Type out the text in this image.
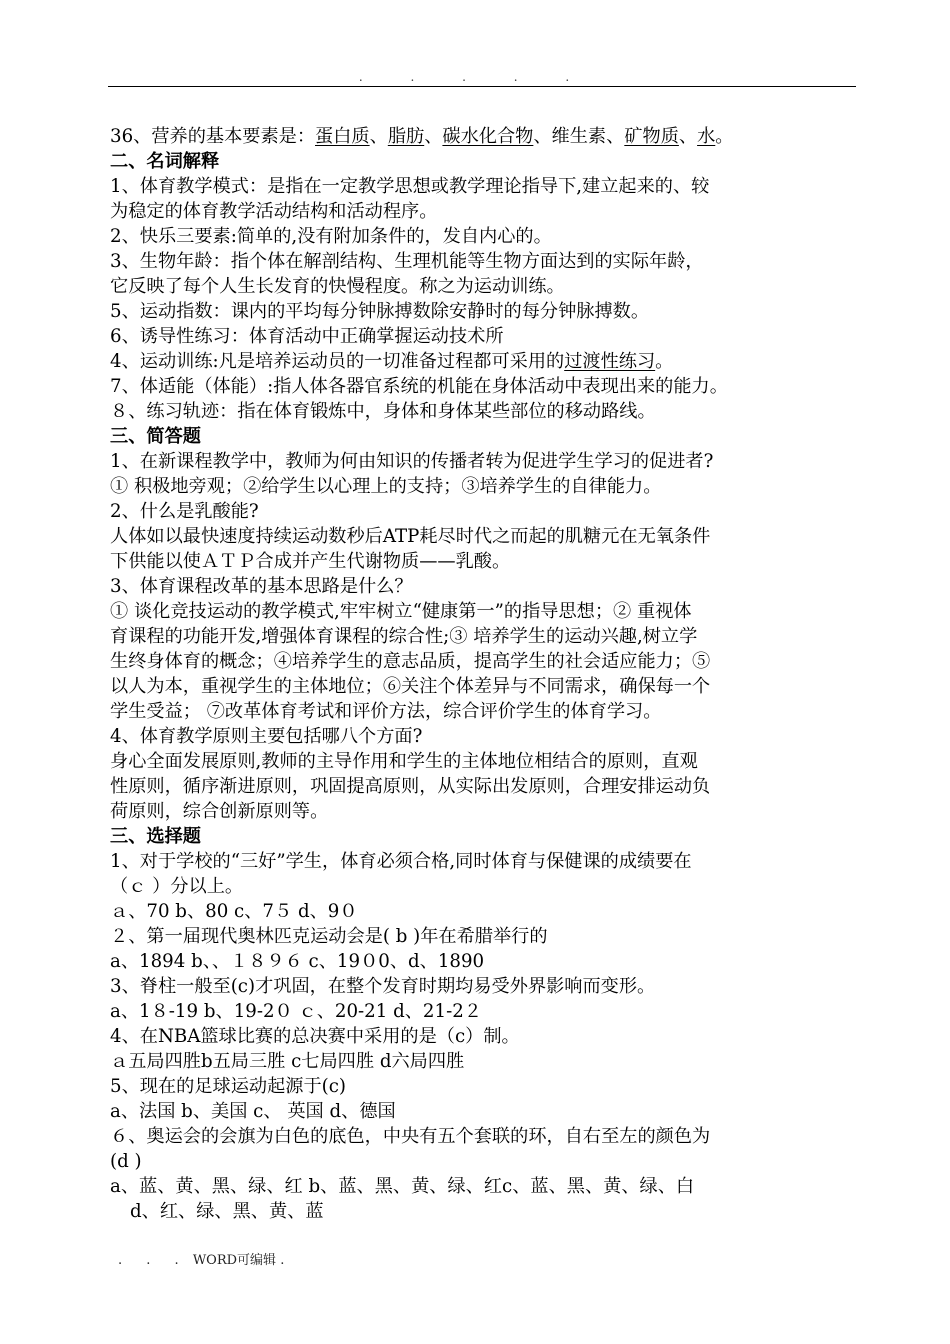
. . . . .
36、营养的基本要素是：蛋白质、脂肪、碳水化合物、维生素、矿物质、水。
二、名词解释
1、体育教学模式：是指在一定教学思想或教学理论指导下,建立起来的、较
为稳定的体育教学活动结构和活动程序。
2、快乐三要素:简单的,没有附加条件的，发自内心的。
3、生物年龄：指个体在解剖结构、生理机能等生物方面达到的实际年龄，
它反映了每个人生长发育的快慢程度。称之为运动训练。
5、运动指数：课内的平均每分钟脉搏数除安静时的每分钟脉搏数。
6、诱导性练习：体育活动中正确掌握运动技术所
4、运动训练:凡是培养运动员的一切准备过程都可采用的过渡性练习。
7、体适能（体能）:指人体各器官系统的机能在身体活动中表现出来的能力。
８、练习轨迹：指在体育锻炼中，身体和身体某些部位的移动路线。
三、简答题
1、在新课程教学中，教师为何由知识的传播者转为促进学生学习的促进者?
① 积极地旁观；②给学生以心理上的支持；③培养学生的自律能力。
2、什么是乳酸能?
人体如以最快速度持续运动数秒后ATP耗尽时代之而起的肌糖元在无氧条件
下供能以使ＡＴＰ合成并产生代谢物质——乳酸。
3、体育课程改革的基本思路是什么？
① 谈化竞技运动的教学模式,牢牢树立“健康第一”的指导思想；② 重视体
育课程的功能开发,增强体育课程的综合性;③ 培养学生的运动兴趣,树立学
生终身体育的概念；④培养学生的意志品质，提高学生的社会适应能力；⑤
以人为本，重视学生的主体地位；⑥关注个体差异与不同需求，确保每一个
学生受益； ⑦改革体育考试和评价方法，综合评价学生的体育学习。
4、体育教学原则主要包括哪八个方面?
身心全面发展原则,教师的主导作用和学生的主体地位相结合的原则，直观
性原则，循序渐进原则，巩固提高原则，从实际出发原则，合理安排运动负
荷原则，综合创新原则等。
三、选择题
1、对于学校的“三好”学生，体育必须合格,同时体育与保健课的成绩要在
（ｃ ）分以上。
ａ、70 b、80 c、7５ d、9０
２、第一届现代奥林匹克运动会是( b )年在希腊举行的
a、1894 b、、１８９６ c、19０0、d、1890
3、脊柱一般至(c)才巩固，在整个发育时期均易受外界影响而变形。
a、1８-19 b、19-2０ ｃ、20-21 d、21-2２
4、在NBA篮球比赛的总决赛中采用的是（c）制。
ａ五局四胜b五局三胜 c七局四胜 d六局四胜
5、现在的足球运动起源于(c)
a、法国 b、美国 c、 英国 d、德国
６、奥运会的会旗为白色的底色，中央有五个套联的环，自右至左的颜色为
(d )
a、蓝、黄、黑、绿、红 b、蓝、黑、黄、绿、红c、蓝、黑、黄、绿、白
d、红、绿、黑、黄、蓝
. . . WORD可编辑 .
